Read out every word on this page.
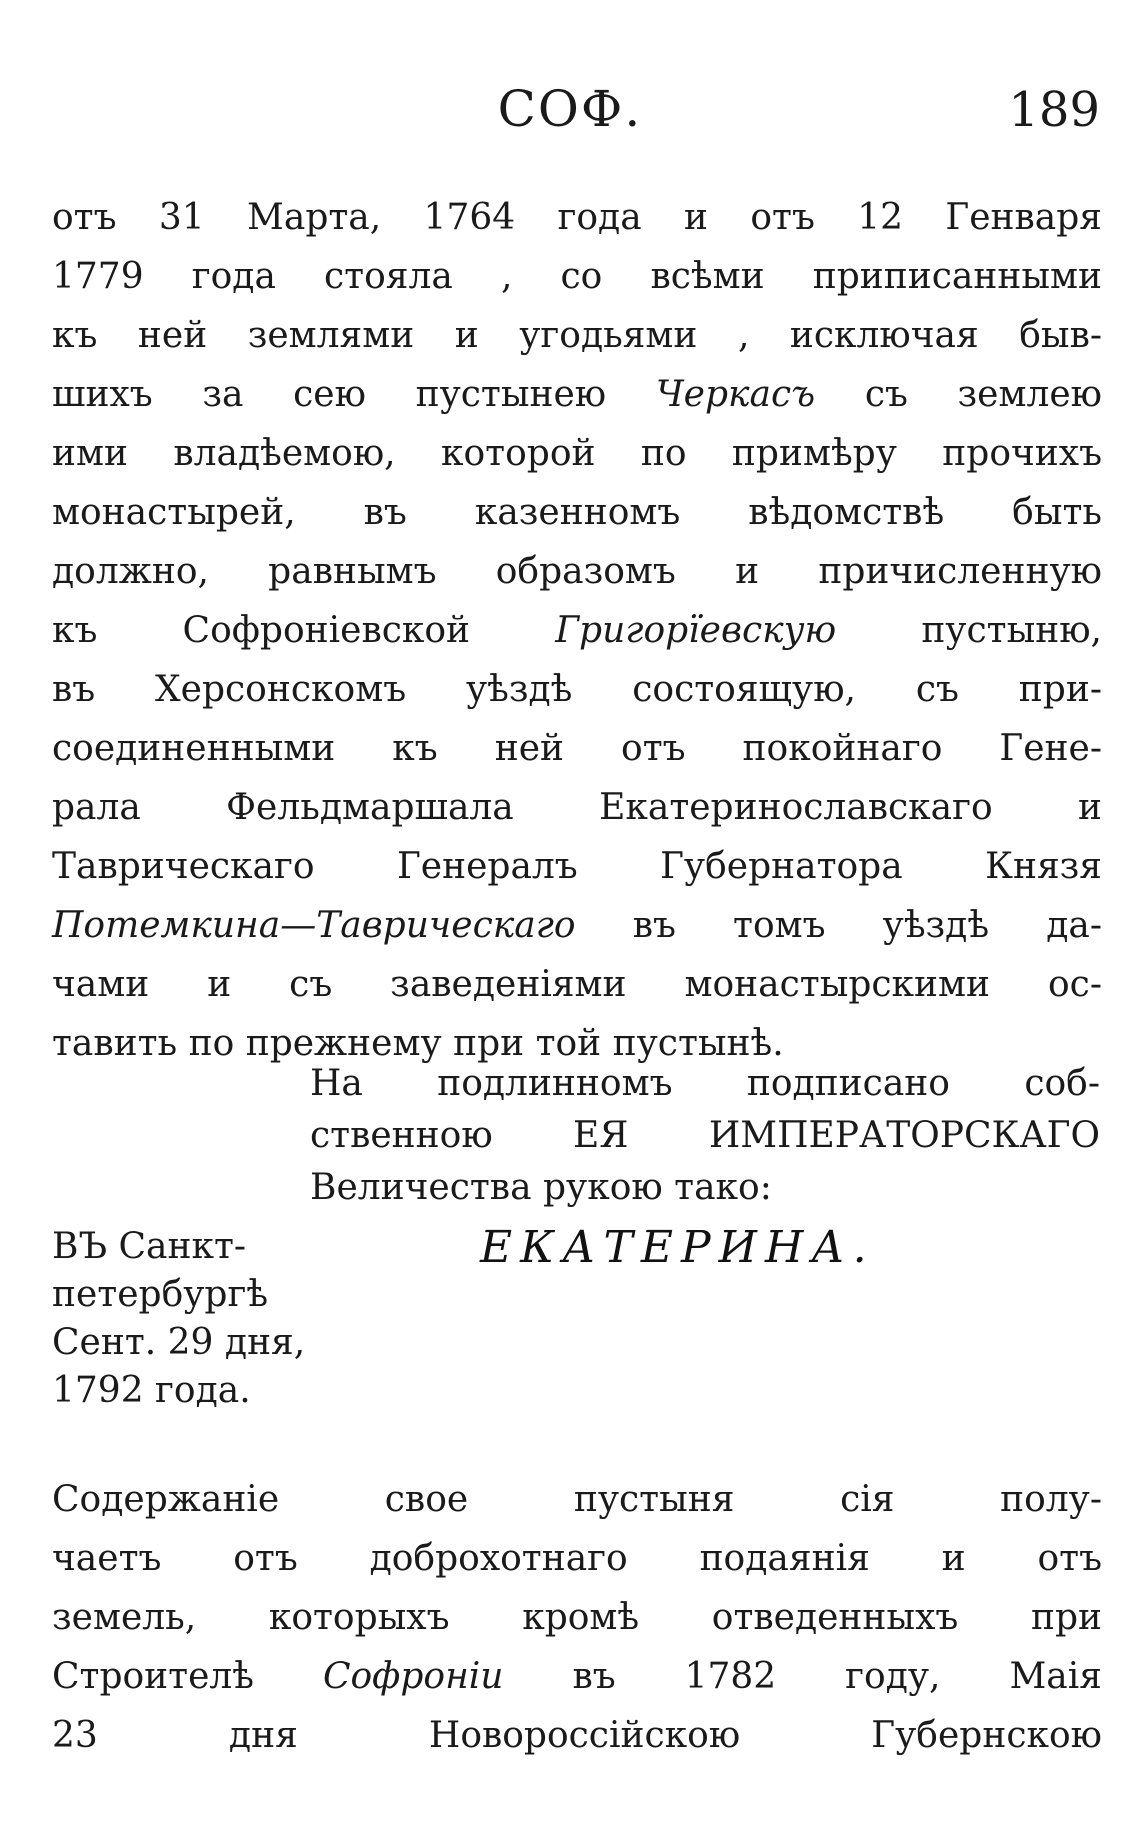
СОФ.	189
отъ 31 Марта, 1764 года и отъ 12 Генваря
1779 года стояла , со всѣми приписанными
къ ней землями и угодьями , исключая быв-
шихъ за сею пустынею Черкасъ съ землею
ими владѣемою, которой по примѣру прочихъ
монастырей, въ казенномъ вѣдомствѣ быть
должно, равнымъ образомъ и причисленную
къ Софроніевской Григорїевскую пустыню,
въ Херсонскомъ уѣздѣ состоящую, съ при-
соединенными къ ней отъ покойнаго Гене-
рала Фельдмаршала Екатеринославскаго и
Таврическаго Генералъ Губернатора Князя
Потемкина—Таврическаго въ томъ уѣздѣ да-
чами и съ заведеніями монастырскими ос-
тавить по прежнему при той пустынѣ.
На подлинномъ подписано соб-
ственною ЕЯ ИМПЕРАТОРСКАГО
Величества рукою тако:
ВЪ Санкт-
петербургѣ
Сент. 29 дня,
1792 года.
ЕКАТЕРИНА.
Содержаніе свое пустыня сія полу-
чаетъ отъ доброхотнаго подаянія и отъ
земель, которыхъ кромѣ отведенныхъ при
Строителѣ Софроніи въ 1782 году, Маія
23 дня Новороссійскою Губернскою
